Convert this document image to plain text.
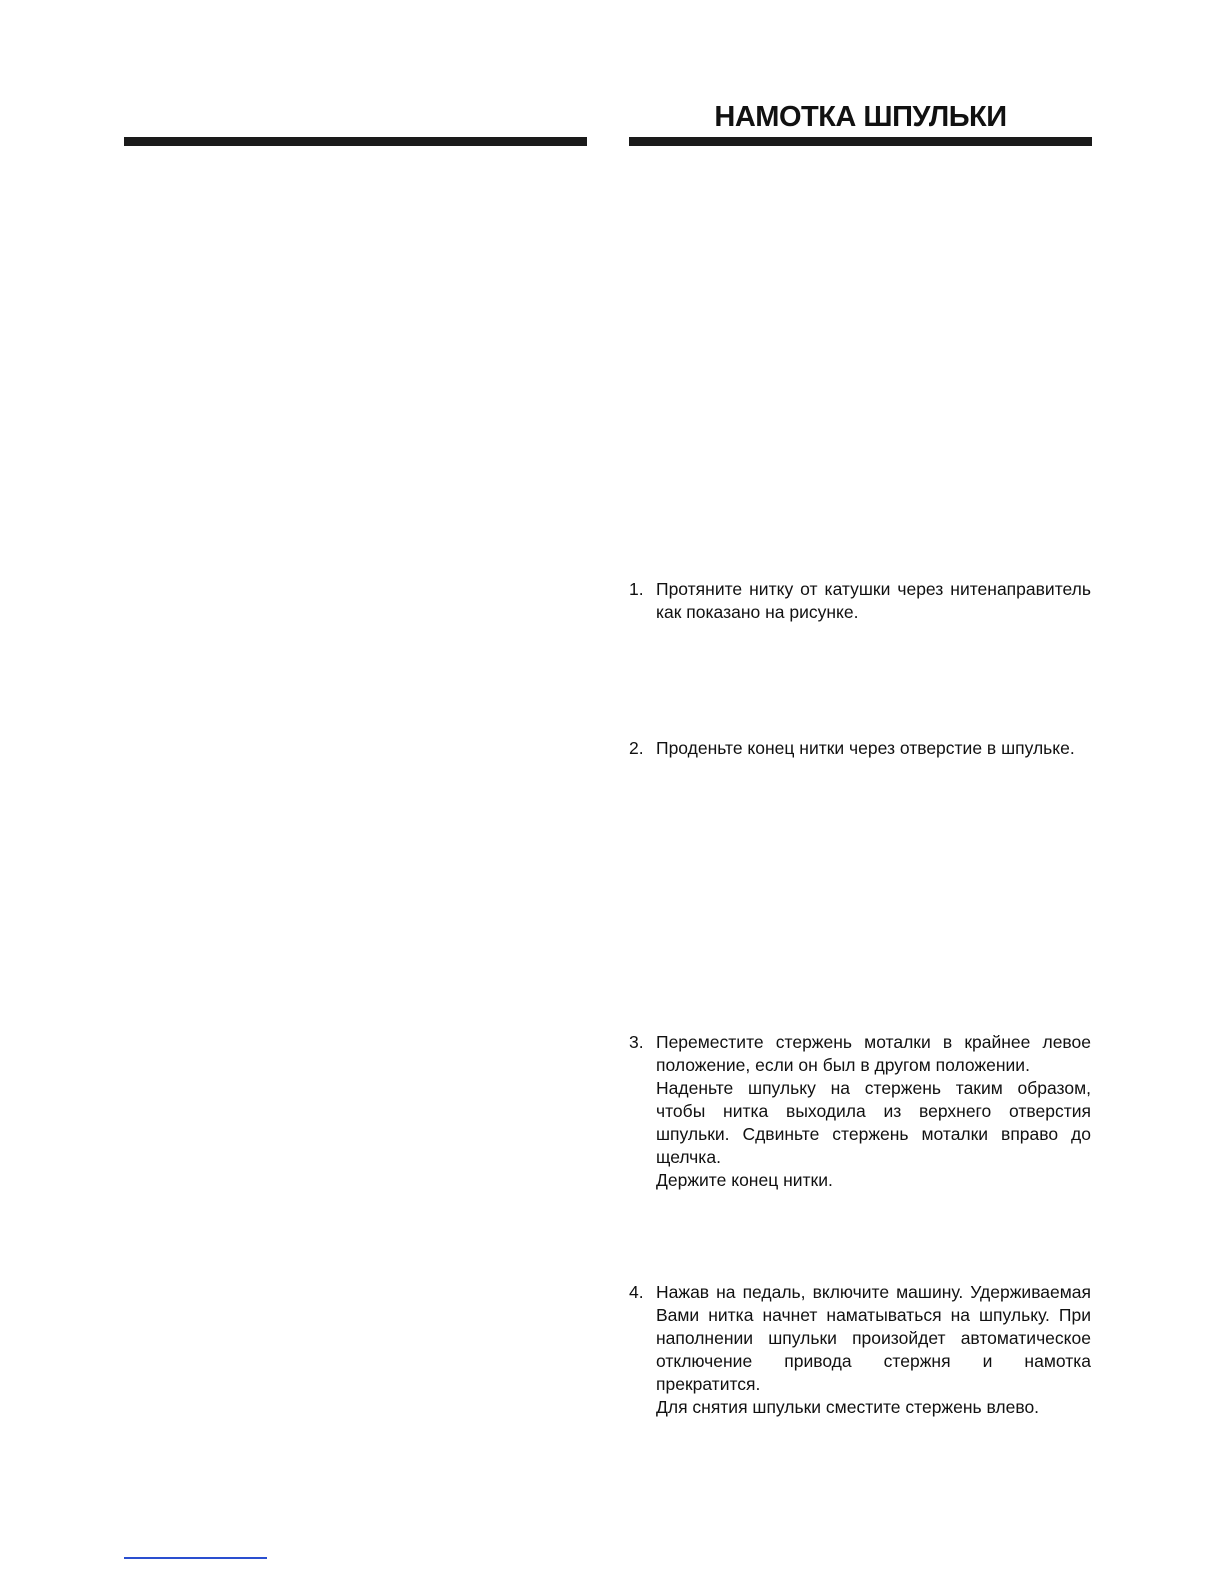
НАМОТКА ШПУЛЬКИ
1. Протяните нитку от катушки через нитенаправитель как показано на рисунке.

2. Проденьте конец нитки через отверстие в шпульке.

3. Переместите стержень моталки в крайнее левое положение, если он был в другом положении.

Наденьте шпульку на стержень таким образом, чтобы нитка выходила из верхнего отверстия шпульки. Сдвиньте стержень моталки вправо до щелчка.

Держите конец нитки.

4. Нажав на педаль, включите машину. Удерживаемая Вами нитка начнет наматываться на шпульку. При наполнении шпульки произойдет автоматическое отключение привода стержня и намотка прекратится.

Для снятия шпульки сместите стержень влево.
